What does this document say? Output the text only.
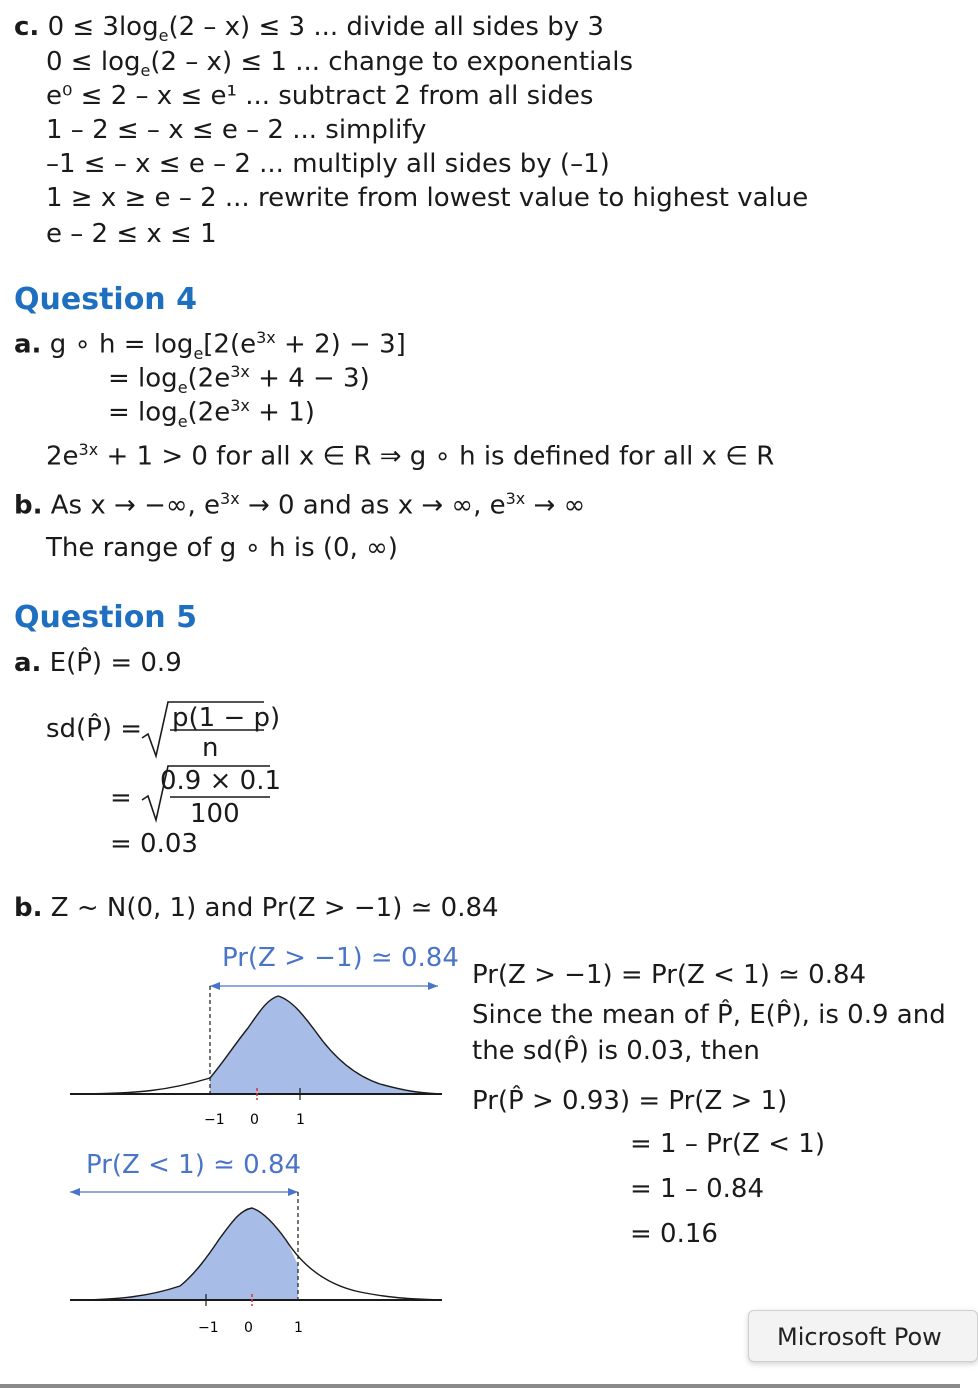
c. $0 \le 3\log_e(2 - x) \le 3$ ... divide all sides by 3
$0 \le \log_e(2 - x) \le 1$ ... change to exponentials
e⁰ ≤ 2 – x ≤ e¹ ... subtract 2 from all sides
1 – 2 ≤ – x ≤ e – 2 ... simplify
–1 ≤ – x ≤ e – 2 ... multiply all sides by (–1)
1 ≥ x ≥ e – 2 ... rewrite from lowest value to highest value
e – 2 ≤ x ≤ 1
Question 4
a. g ∘ $h = \log_e[2(e^{3x} + 2) - 3]$
= $\log_e(2e^{3x} + 4 - 3)$
= $\log_e(2e^{3x} + 1)$
$2e^{3x} + 1 > 0$ for all x ∈ R ⇒ g ∘ h is defined for all x ∈ R
b. As x → −∞, $e^{3x} \to 0$ and as x → ∞, $e^{3x}$ → ∞
The range of g ∘ h is (0, ∞)
Question 5
a. E(P̂) = 0.9
sd(P̂) = p(1 − p)
n
=
0.9 × 0.1
100
= 0.03
b. Z ~ N(0, 1) and Pr(Z > −1) ≃ 0.84
Pr(Z > −1) ≃ 0.84
−1 0	1
Pr(Z < 1) ≃ 0.84
−1 0	1
Pr(Z > −1) = Pr(Z < 1) ≃ 0.84
Since the mean of P̂, E(P̂), is 0.9 and
the sd(P̂) is 0.03, then
Pr(P̂ > 0.93) = Pr(Z > 1)
= 1 – Pr(Z < 1)
= 1 – 0.84
= 0.16
Microsoft Pow
